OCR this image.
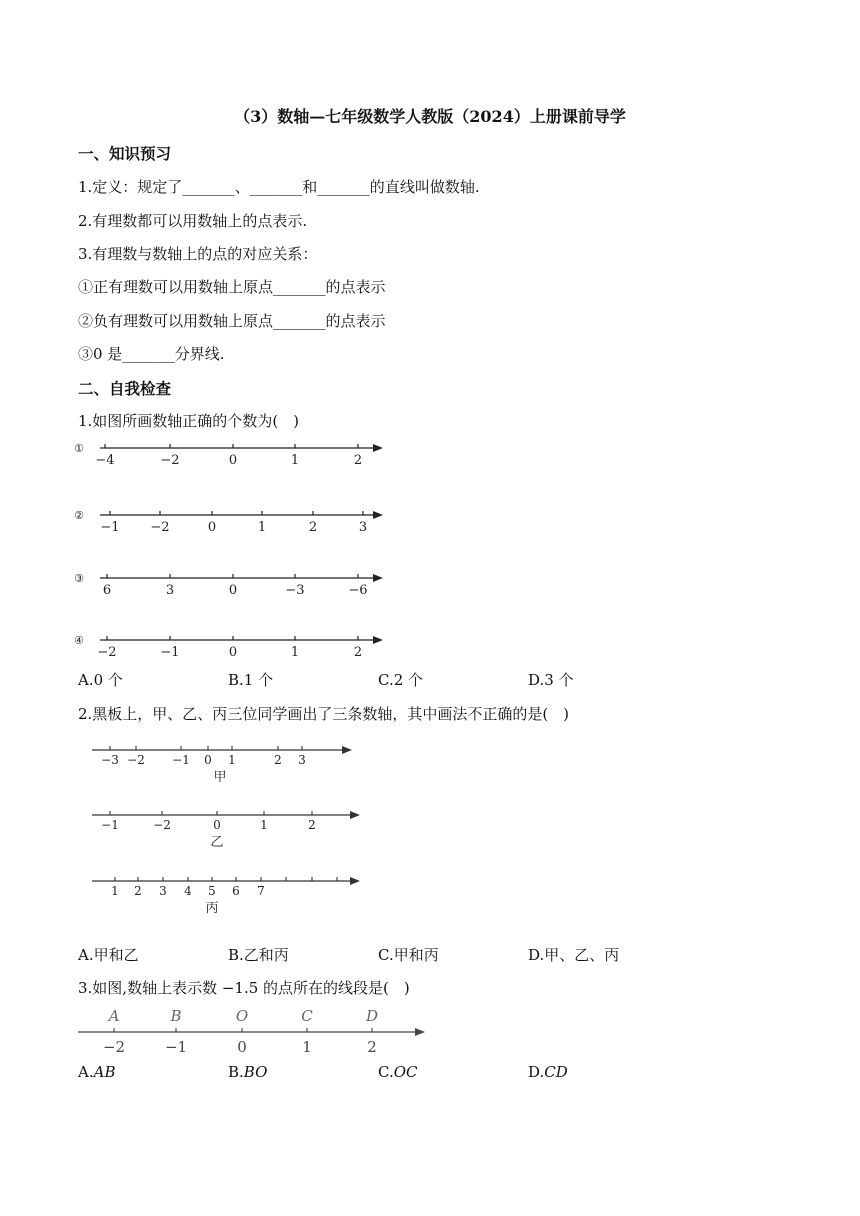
（3）数轴—七年级数学人教版（2024）上册课前导学
一、知识预习
1.定义：规定了_______、_______和_______的直线叫做数轴.
2.有理数都可以用数轴上的点表示.
3.有理数与数轴上的点的对应关系：
①正有理数可以用数轴上原点_______的点表示
②负有理数可以用数轴上原点_______的点表示
③0 是_______分界线.
二、自我检查
1.如图所画数轴正确的个数为(　)
①
−4	−2	0	1	2
②
−1 −2	0	1	2	3
③
6	3	0	−3	−6
④
−2	−1	0	1	2
A.0 个	B.1 个	C.2 个	D.3 个
2.黑板上，甲、乙、丙三位同学画出了三条数轴，其中画法不正确的是(　)
−3 −2 −1 0 1	2 3
甲
−1	−2	0	1	2
乙
1 2 3 4 5 6 7
丙
A.甲和乙	B.乙和丙	C.甲和丙	D.甲、乙、丙
3.如图,数轴上表示数 −1.5 的点所在的线段是(　)
−2
A
−1
B
0
O
1
C
2
D
A.AB	B.BO	C.OC	D.CD
